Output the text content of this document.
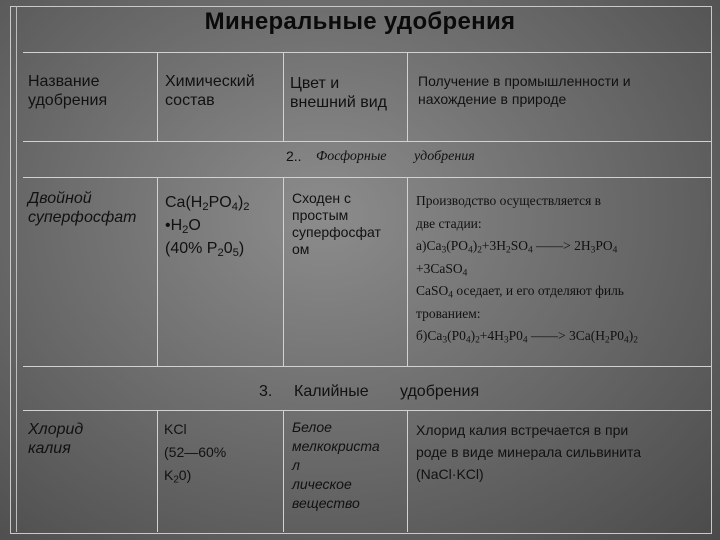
Минеральные удобрения
Название
удобрения
Химический
состав
Цвет и
внешний вид
Получение в промышленности и
нахождение в природе
2.. Фосфорные удобрения
Двойной
суперфосфат
$Ca(H_2PO_4)_2$
$•H_2O$
(40% $P_20_5$)
Сходен с
простым
суперфосфат
ом
Производство осуществляется в
две стадии:
$а)Ca_3(PO_4)_2+3H_2SO_4$ ——> $2H_3PO_4$
+3CaSO$_4$
CaSO$_4$ оседает, и его отделяют филь
трованием:
$б)Ca_3(P0_4)_2+4H_3P0_4$ ——> $3Ca(H_2P0_4)_2$
3. Калийные удобрения
Хлорид
калия
KCl
(52—60%
$K_20$)
Белое
мелкокриста
л
лическое
вещество
Хлорид калия встречается в при
роде в виде минерала сильвинита
(NaCl·KCl)
